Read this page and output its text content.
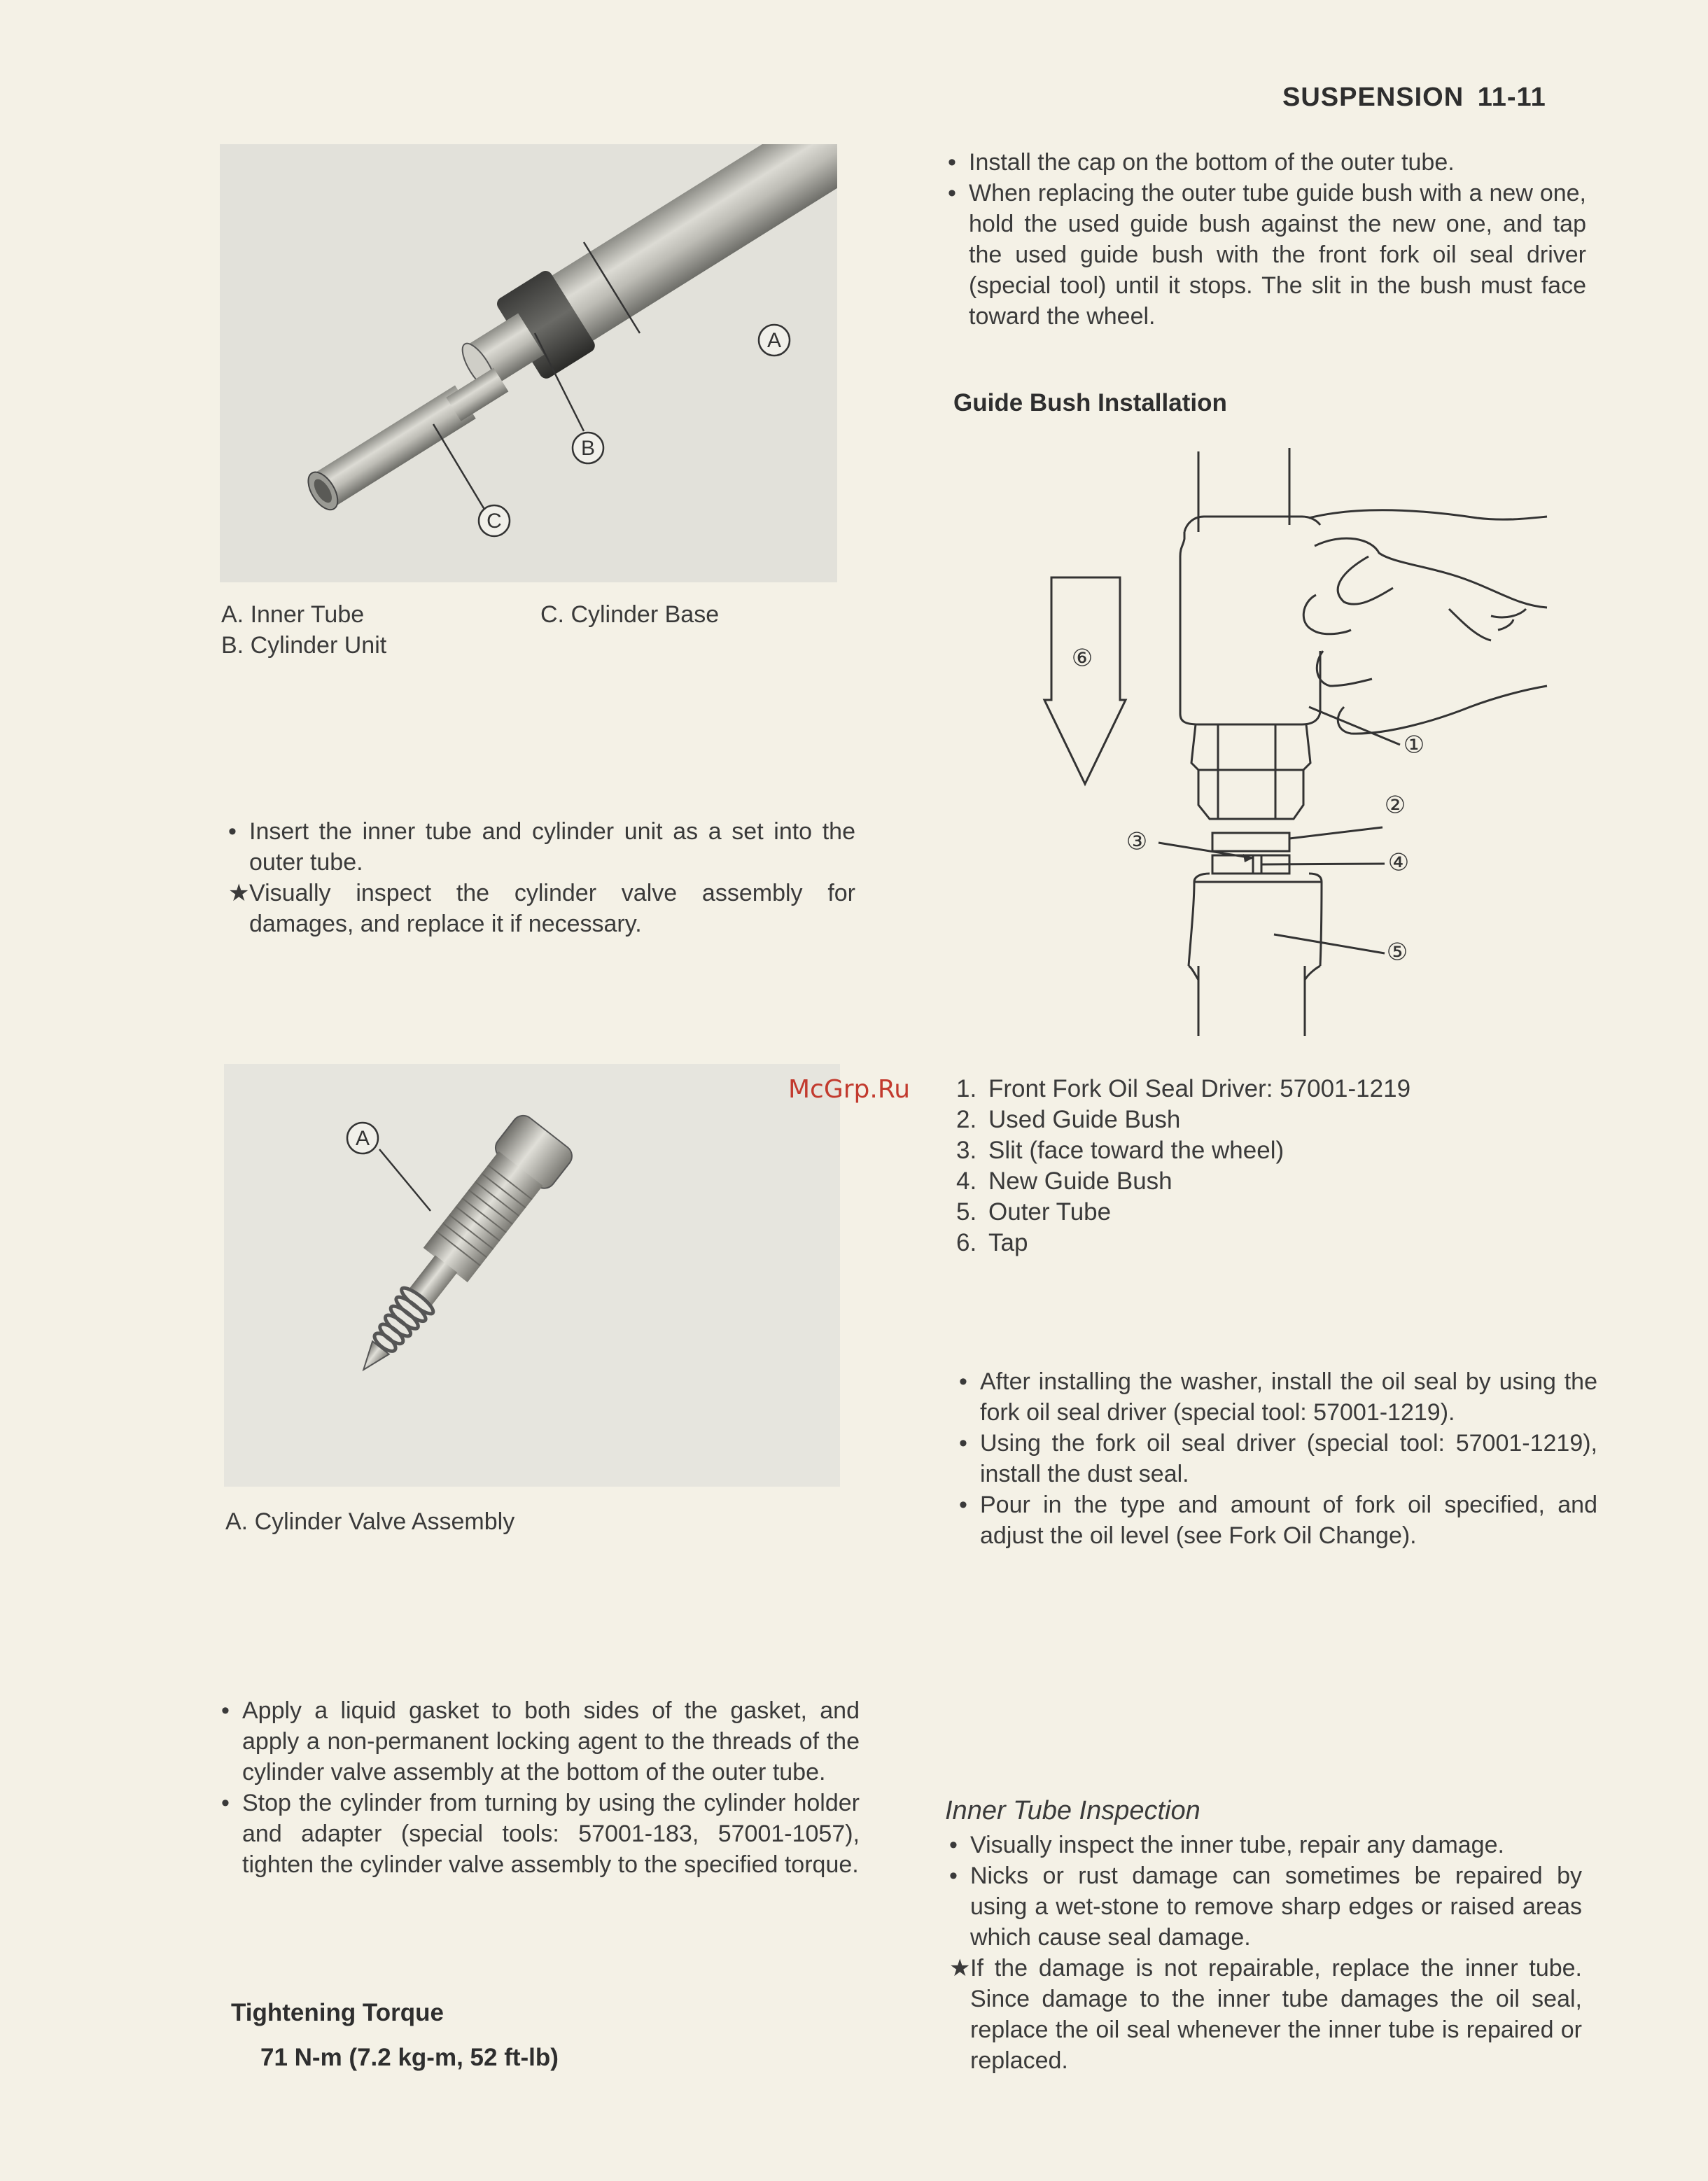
SUSPENSION 11-11
A
B
C
A. Inner Tube	C. Cylinder Base
B. Cylinder Unit
• Insert the inner tube and cylinder unit as a set into the outer tube.
★ Visually inspect the cylinder valve assembly for damages, and replace it if necessary.
A
A. Cylinder Valve Assembly
• Apply a liquid gasket to both sides of the gasket, and apply a non-permanent locking agent to the threads of the cylinder valve assembly at the bottom of the outer tube.
• Stop the cylinder from turning by using the cylinder holder and adapter (special tools: 57001-183, 57001-1057), tighten the cylinder valve assembly to the specified torque.
Tightening Torque
71 N-m (7.2 kg-m, 52 ft-lb)
• Install the cap on the bottom of the outer tube.
• When replacing the outer tube guide bush with a new one, hold the used guide bush against the new one, and tap the used guide bush with the front fork oil seal driver (special tool) until it stops. The slit in the bush must face toward the wheel.
Guide Bush Installation
①
②
③
④
⑤
⑥
McGrp.Ru 1. Front Fork Oil Seal Driver: 57001-1219
2. Used Guide Bush
3. Slit (face toward the wheel)
4. New Guide Bush
5. Outer Tube
6. Tap
• After installing the washer, install the oil seal by using the fork oil seal driver (special tool: 57001-1219).
• Using the fork oil seal driver (special tool: 57001-1219), install the dust seal.
• Pour in the type and amount of fork oil specified, and adjust the oil level (see Fork Oil Change).
Inner Tube Inspection
• Visually inspect the inner tube, repair any damage.
• Nicks or rust damage can sometimes be repaired by using a wet-stone to remove sharp edges or raised areas which cause seal damage.
★ If the damage is not repairable, replace the inner tube. Since damage to the inner tube damages the oil seal, replace the oil seal whenever the inner tube is repaired or replaced.
